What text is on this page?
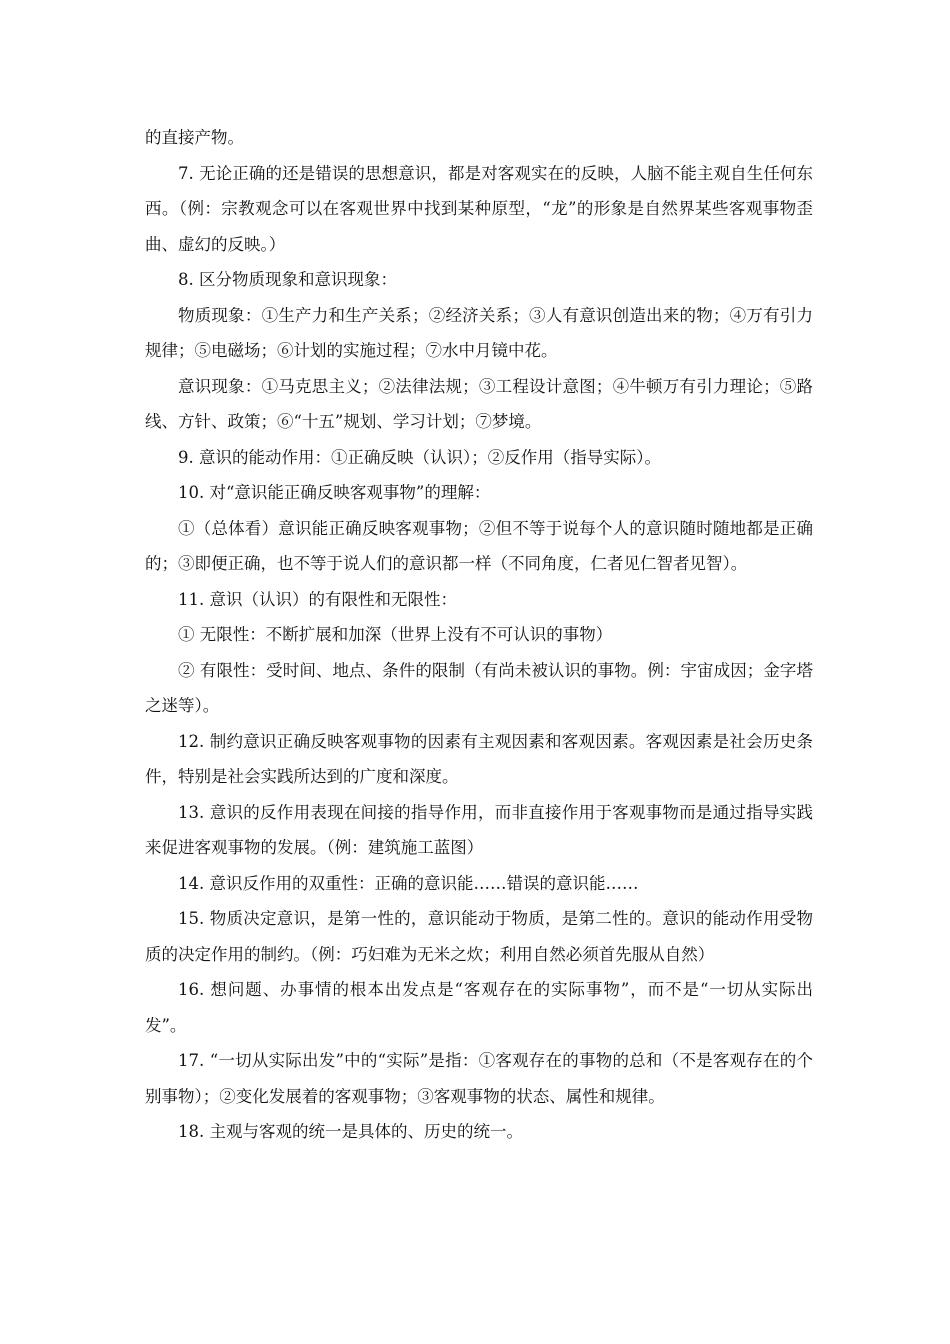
的直接产物。

7. 无论正确的还是错误的思想意识，都是对客观实在的反映，人脑不能主观自生任何东西。（例：宗教观念可以在客观世界中找到某种原型，“龙”的形象是自然界某些客观事物歪曲、虚幻的反映。）

8. 区分物质现象和意识现象：

物质现象：①生产力和生产关系；②经济关系；③人有意识创造出来的物；④万有引力规律；⑤电磁场；⑥计划的实施过程；⑦水中月镜中花。

意识现象：①马克思主义；②法律法规；③工程设计意图；④牛顿万有引力理论；⑤路线、方针、政策；⑥“十五”规划、学习计划；⑦梦境。

9. 意识的能动作用：①正确反映（认识）；②反作用（指导实际）。

10. 对“意识能正确反映客观事物”的理解：

①（总体看）意识能正确反映客观事物；②但不等于说每个人的意识随时随地都是正确的；③即便正确，也不等于说人们的意识都一样（不同角度，仁者见仁智者见智）。

11. 意识（认识）的有限性和无限性：

① 无限性：不断扩展和加深（世界上没有不可认识的事物）

② 有限性：受时间、地点、条件的限制（有尚未被认识的事物。例：宇宙成因；金字塔之迷等）。

12. 制约意识正确反映客观事物的因素有主观因素和客观因素。客观因素是社会历史条件，特别是社会实践所达到的广度和深度。

13. 意识的反作用表现在间接的指导作用，而非直接作用于客观事物而是通过指导实践来促进客观事物的发展。（例：建筑施工蓝图）

14. 意识反作用的双重性：正确的意识能……错误的意识能……

15. 物质决定意识，是第一性的，意识能动于物质，是第二性的。意识的能动作用受物质的决定作用的制约。（例：巧妇难为无米之炊；利用自然必须首先服从自然）

16. 想问题、办事情的根本出发点是“客观存在的实际事物”，而不是“一切从实际出发”。

17. “一切从实际出发”中的“实际”是指：①客观存在的事物的总和（不是客观存在的个别事物）；②变化发展着的客观事物；③客观事物的状态、属性和规律。

18. 主观与客观的统一是具体的、历史的统一。
